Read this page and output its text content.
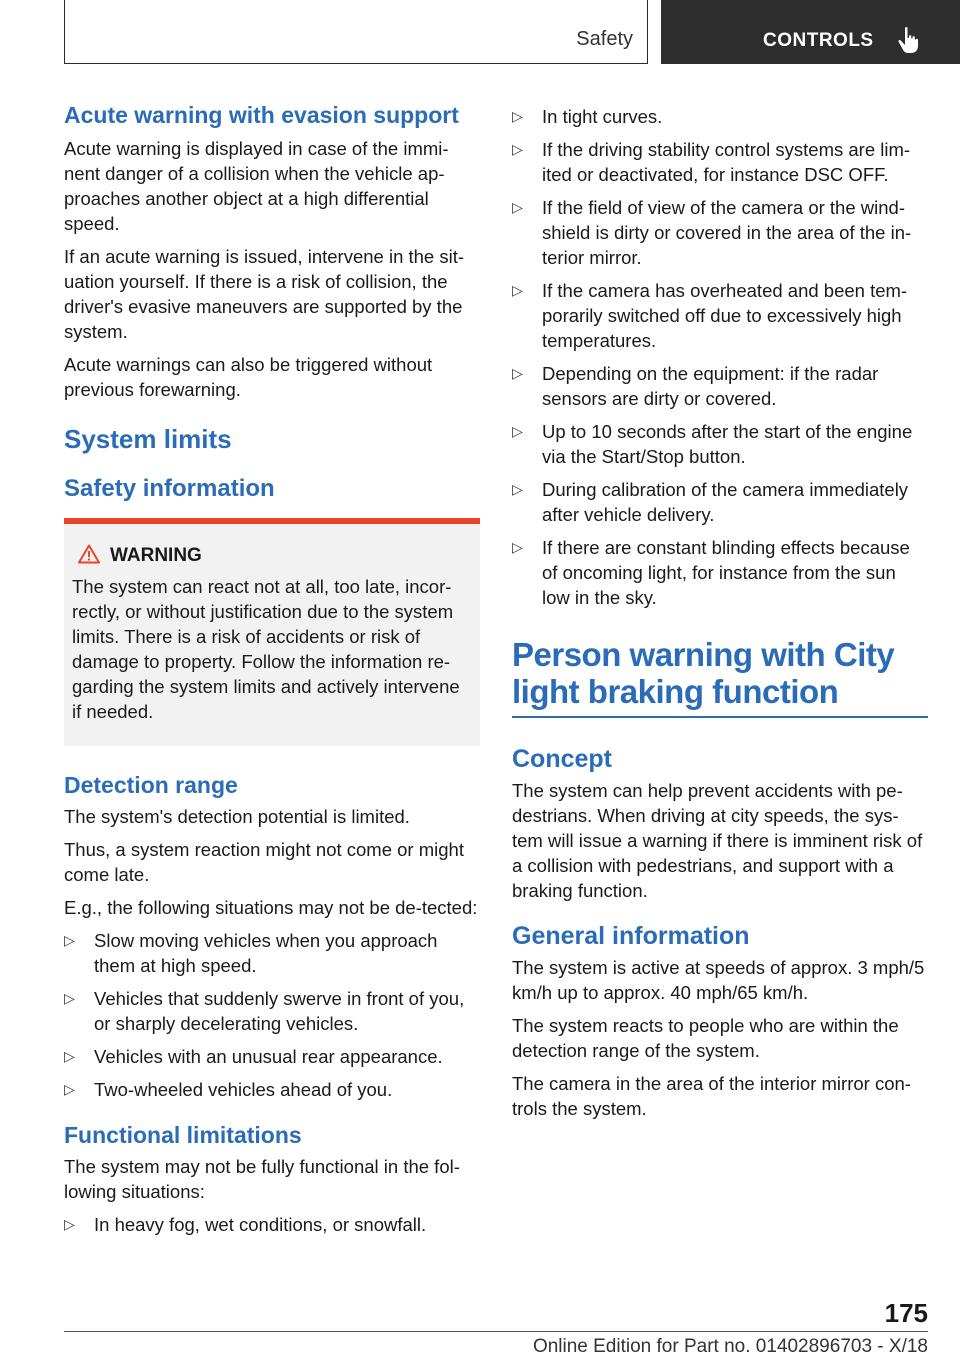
Safety	CONTROLS
Acute warning with evasion support

Acute warning is displayed in case of the immi-nent danger of a collision when the vehicle ap-proaches another object at a high differential speed.

If an acute warning is issued, intervene in the sit-uation yourself. If there is a risk of collision, the driver's evasive maneuvers are supported by the system.

Acute warnings can also be triggered without previous forewarning.

System limits
Safety information
WARNING

The system can react not at all, too late, incor-rectly, or without justification due to the system limits. There is a risk of accidents or risk of damage to property. Follow the information re-garding the system limits and actively intervene if needed.

Detection range

The system's detection potential is limited.

Thus, a system reaction might not come or might come late.

E.g., the following situations may not be de-tected:

▷ Slow moving vehicles when you approach them at high speed.
▷ Vehicles that suddenly swerve in front of you, or sharply decelerating vehicles.
▷ Vehicles with an unusual rear appearance.
▷ Two-wheeled vehicles ahead of you.
Functional limitations

The system may not be fully functional in the fol-lowing situations:

▷ In heavy fog, wet conditions, or snowfall.
▷ In tight curves.
▷ If the driving stability control systems are lim-ited or deactivated, for instance DSC OFF.
▷ If the field of view of the camera or the wind-shield is dirty or covered in the area of the in-terior mirror.
▷ If the camera has overheated and been tem-porarily switched off due to excessively high temperatures.
▷ Depending on the equipment: if the radar sensors are dirty or covered.
▷ Up to 10 seconds after the start of the engine via the Start/Stop button.
▷ During calibration of the camera immediately after vehicle delivery.
▷ If there are constant blinding effects because of oncoming light, for instance from the sun low in the sky.
Person warning with City light braking function
Concept

The system can help prevent accidents with pe-destrians. When driving at city speeds, the sys-tem will issue a warning if there is imminent risk of a collision with pedestrians, and support with a braking function.

General information

The system is active at speeds of approx. 3 mph/5 km/h up to approx. 40 mph/65 km/h.

The system reacts to people who are within the detection range of the system.

The camera in the area of the interior mirror con-trols the system.

175
Online Edition for Part no. 01402896703 - X/18
